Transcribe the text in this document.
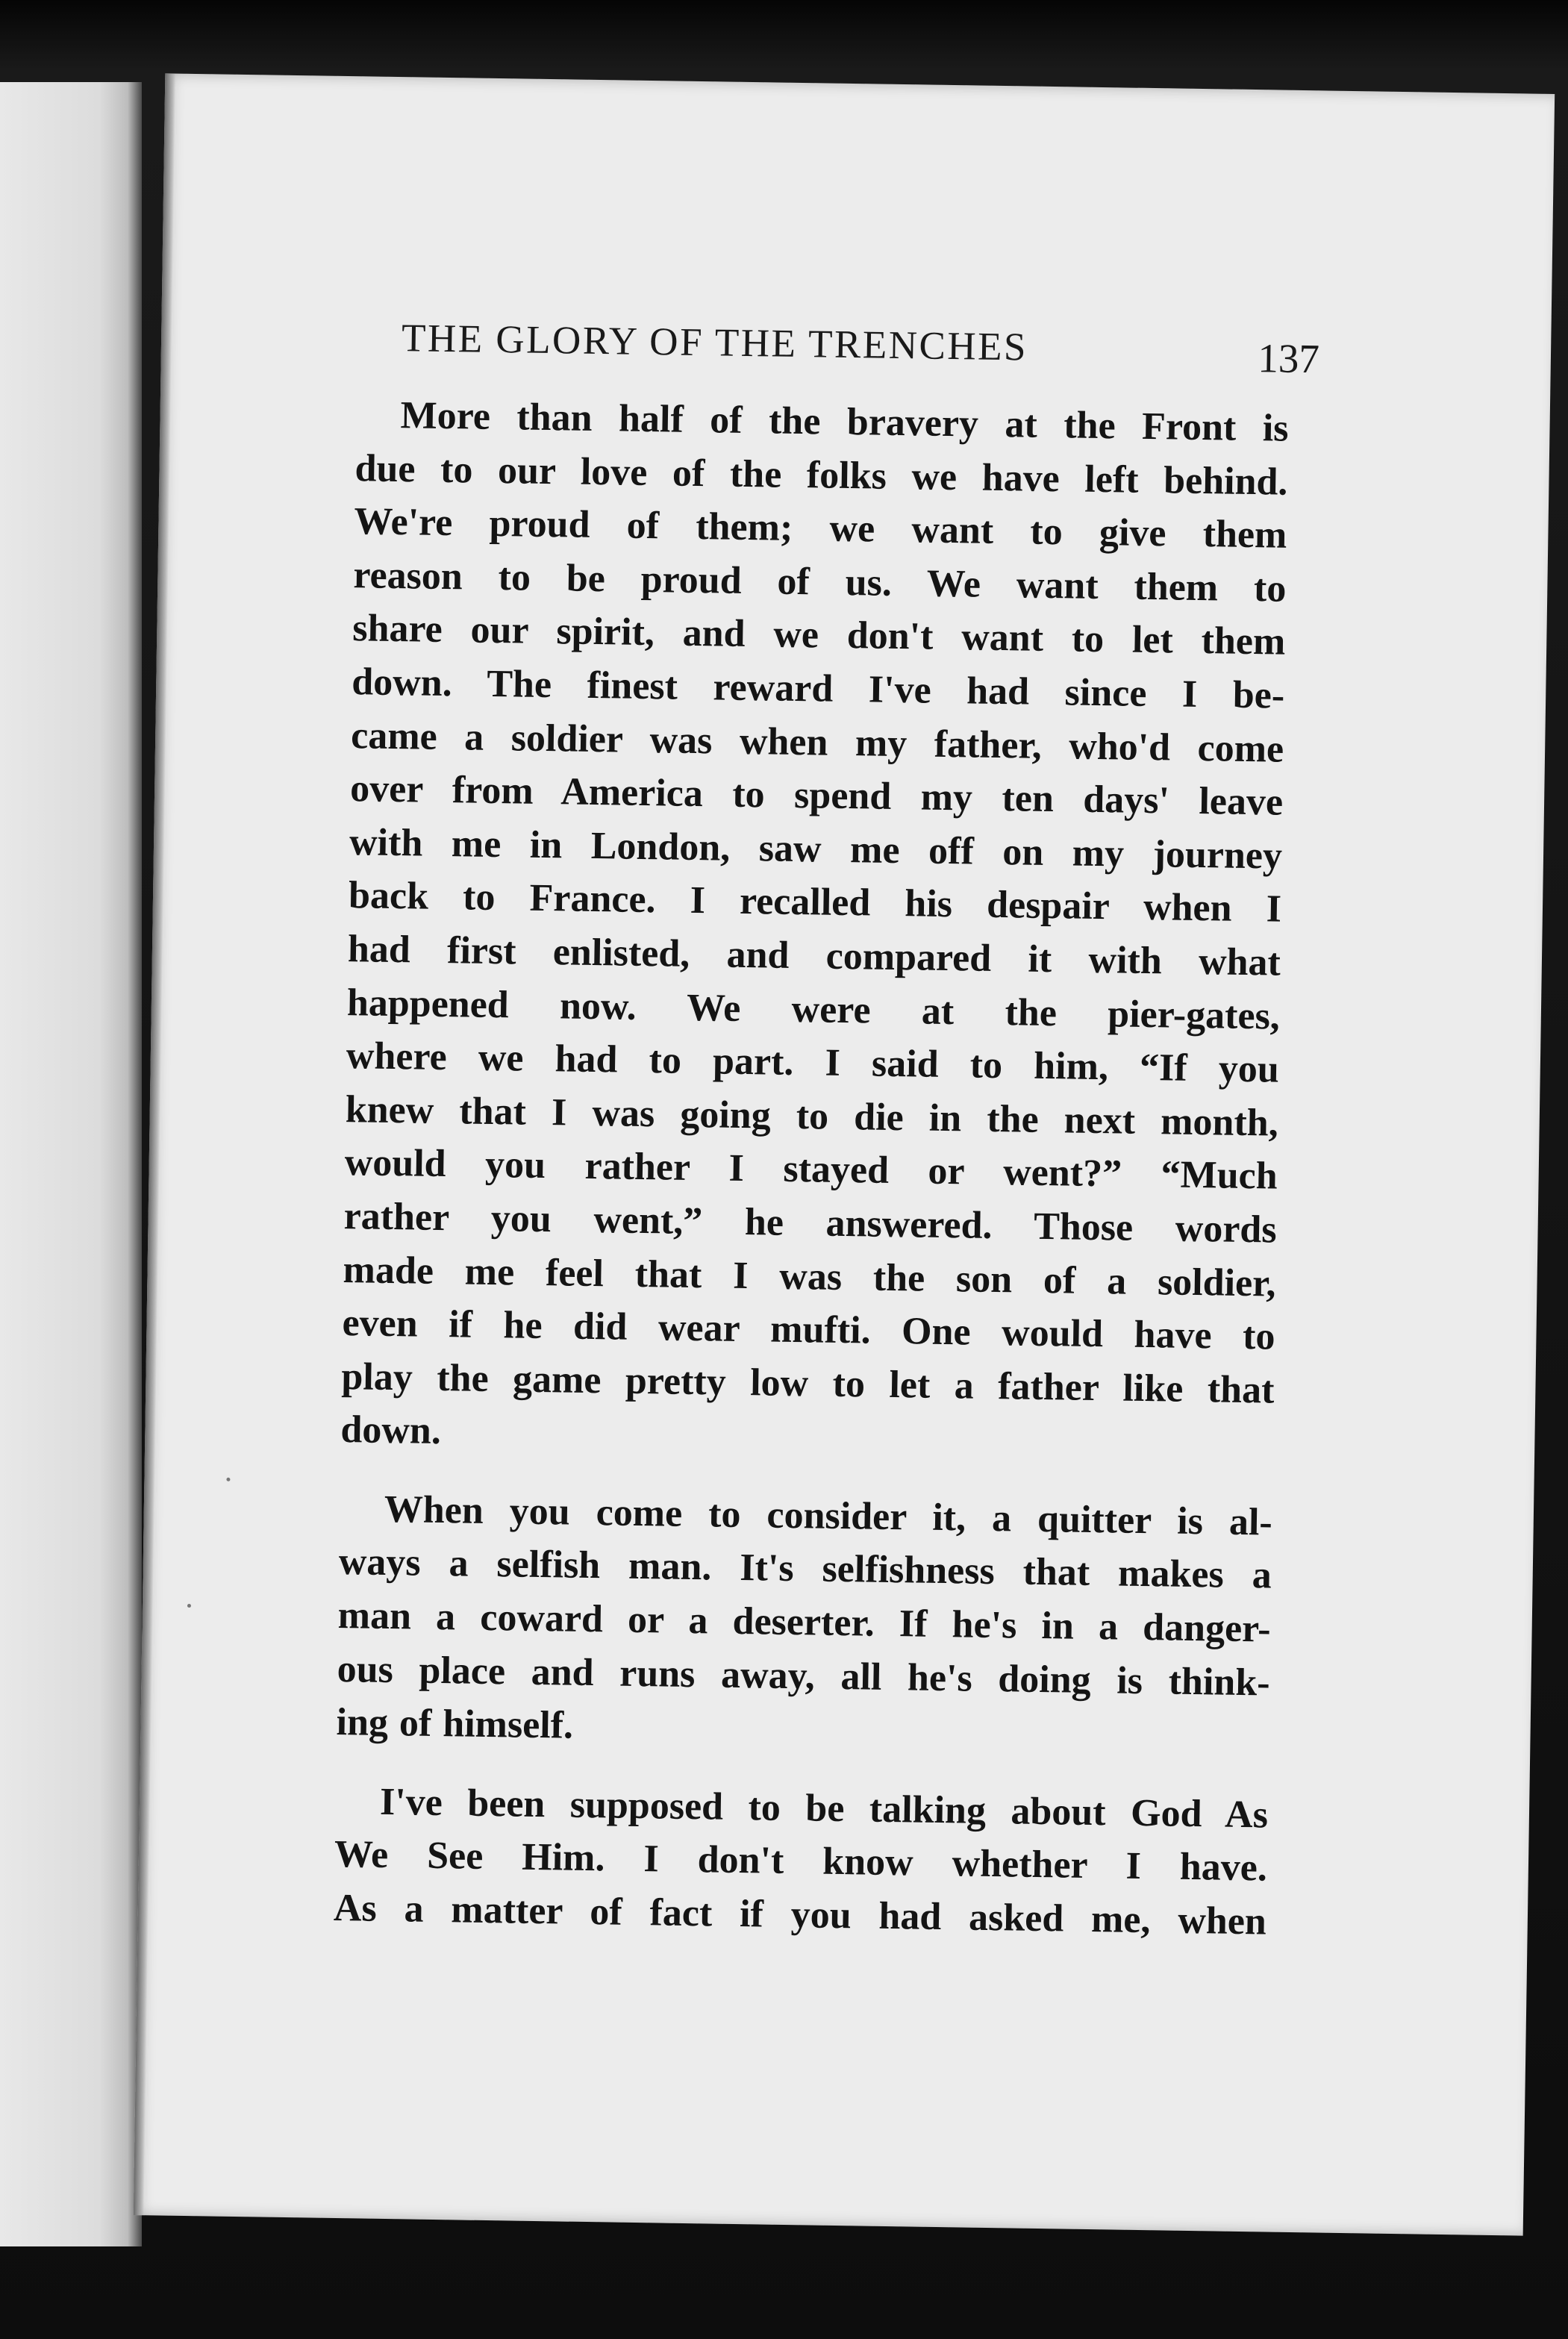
THE GLORY OF THE TRENCHES	137
More than half of the bravery at the Front is
due to our love of the folks we have left behind.
We're proud of them; we want to give them
reason to be proud of us. We want them to
share our spirit, and we don't want to let them
down. The finest reward I've had since I be-
came a soldier was when my father, who'd come
over from America to spend my ten days' leave
with me in London, saw me off on my journey
back to France. I recalled his despair when I
had first enlisted, and compared it with what
happened now. We were at the pier-gates,
where we had to part. I said to him, “If you
knew that I was going to die in the next month,
would you rather I stayed or went?” “Much
rather you went,” he answered. Those words
made me feel that I was the son of a soldier,
even if he did wear mufti. One would have to
play the game pretty low to let a father like that
down.
When you come to consider it, a quitter is al-
ways a selfish man. It's selfishness that makes a
man a coward or a deserter. If he's in a danger-
ous place and runs away, all he's doing is think-
ing of himself.
I've been supposed to be talking about God As
We See Him. I don't know whether I have.
As a matter of fact if you had asked me, when
